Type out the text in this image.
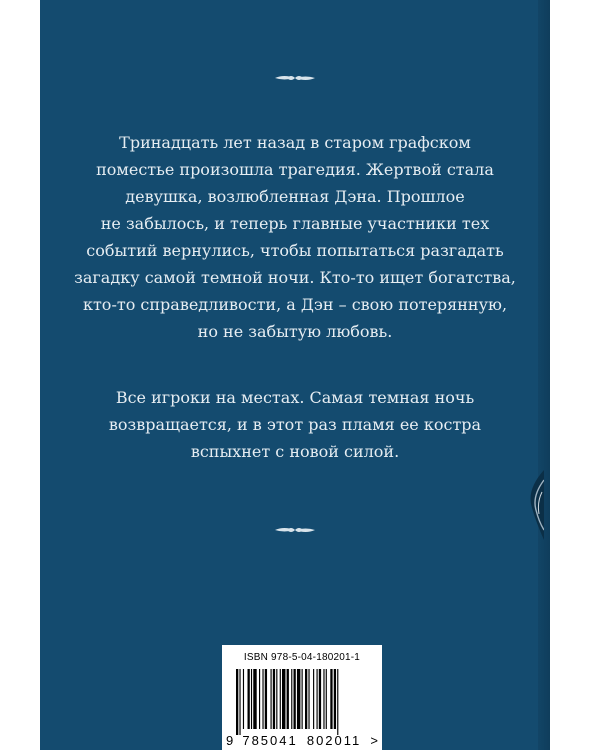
Тринадцать лет назад в старом графском
поместье произошла трагедия. Жертвой стала
девушка, возлюбленная Дэна. Прошлое
не забылось, и теперь главные участники тех
событий вернулись, чтобы попытаться разгадать
загадку самой темной ночи. Кто-то ищет богатства,
кто-то справедливости, а Дэн – свою потерянную,
но не забытую любовь.
Все игроки на местах. Самая темная ночь
возвращается, и в этот раз пламя ее костра
вспыхнет с новой силой.
ISBN 978-5-04-180201-1
9 785041 802011 >
